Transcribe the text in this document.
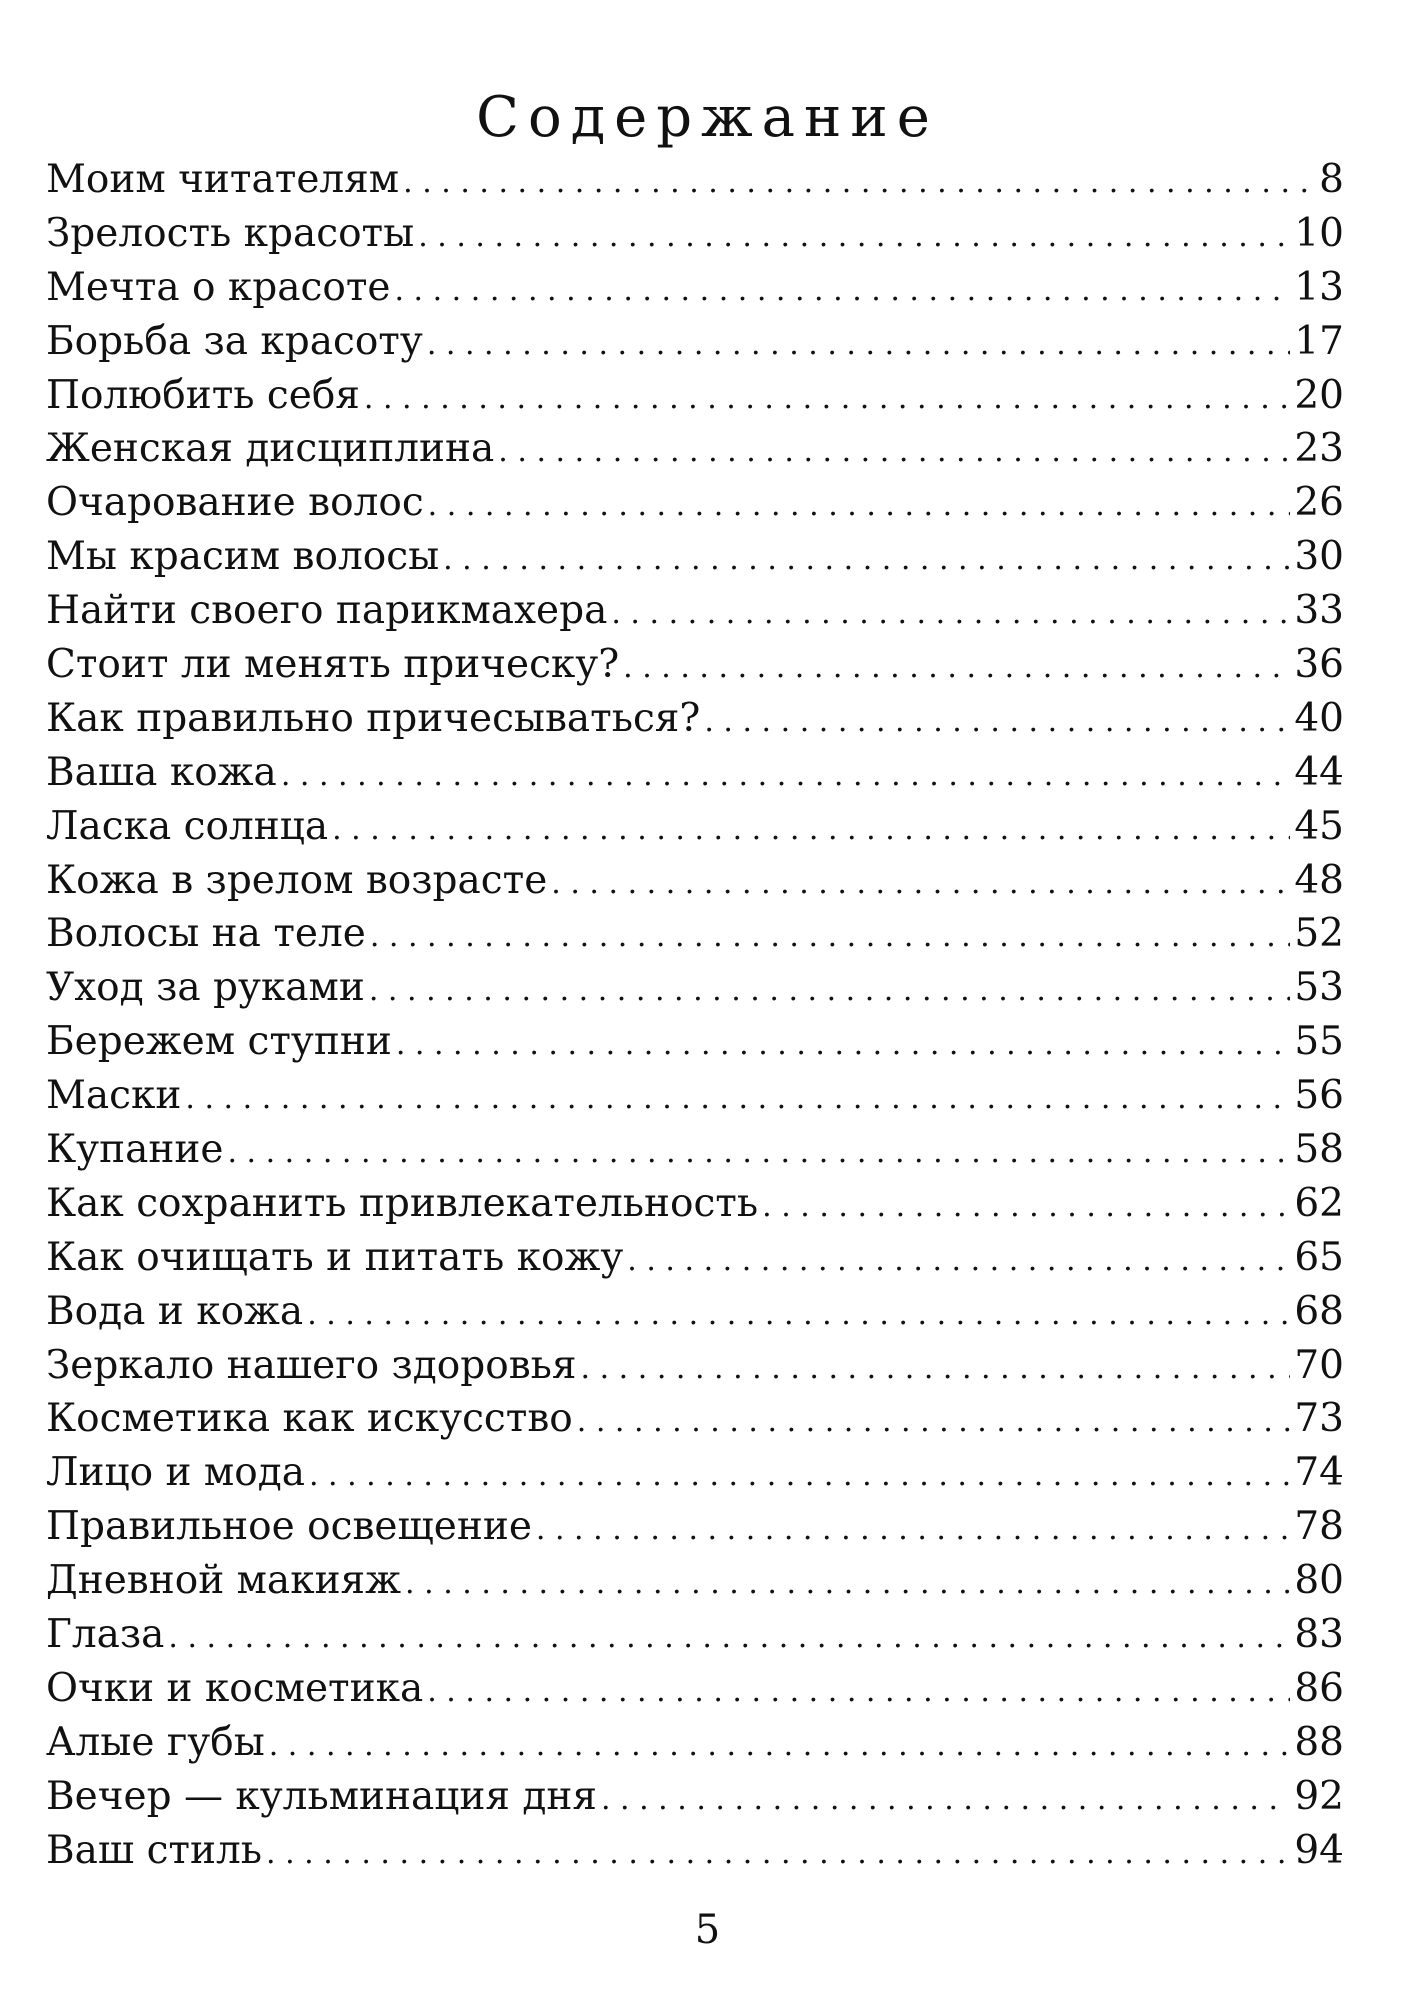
Содержание
Моим читателям . . .	8
Зрелость красоты . . .	10
Мечта о красоте . . .	13
Борьба за красоту . . .	17
Полюбить себя . . .	20
Женская дисциплина . . .	23
Очарование волос . . .	26
Мы красим волосы . . .	30
Найти своего парикмахера . . .	33
Стоит ли менять прическу? . . .	36
Как правильно причесываться? . . .	40
Ваша кожа . . .	44
Ласка солнца . . .	45
Кожа в зрелом возрасте . . .	48
Волосы на теле . . .	52
Уход за руками . . .	53
Бережем ступни . . .	55
Маски . . .	56
Купание . . .	58
Как сохранить привлекательность . . .	62
Как очищать и питать кожу . . .	65
Вода и кожа . . .	68
Зеркало нашего здоровья . . .	70
Косметика как искусство . . .	73
Лицо и мода . . .	74
Правильное освещение . . .	78
Дневной макияж . . .	80
Глаза . . .	83
Очки и косметика . . .	86
Алые губы . . .	88
Вечер — кульминация дня . . .	92
Ваш стиль . . .	94
5
